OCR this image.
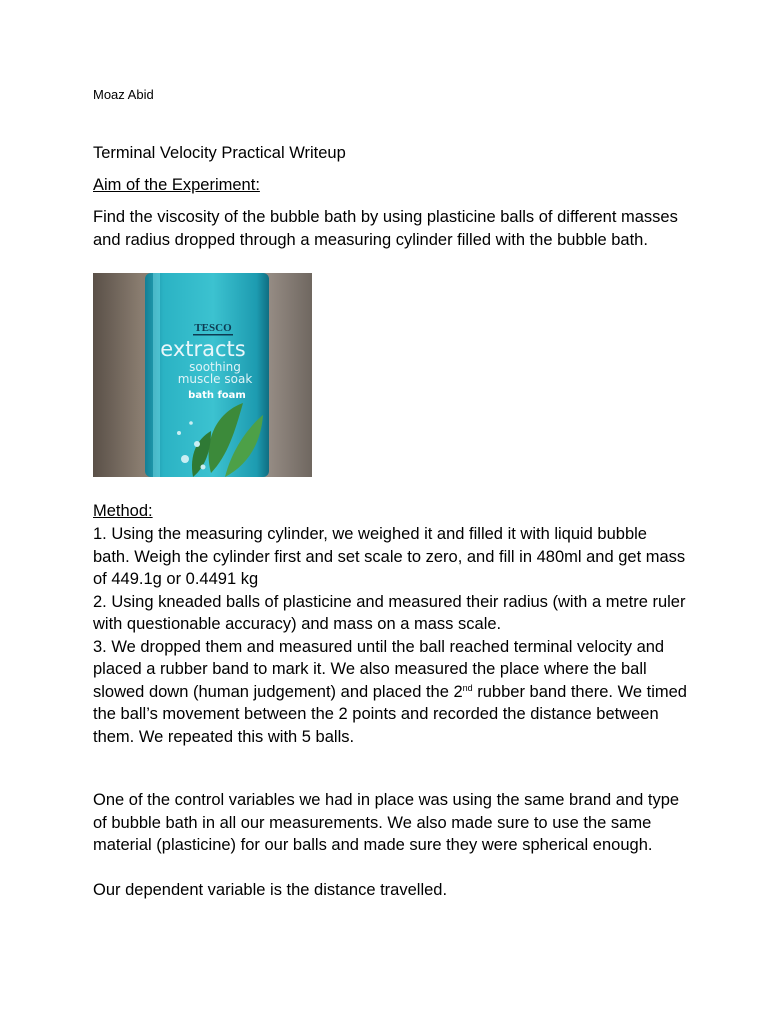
Moaz Abid
Terminal Velocity Practical Writeup
Aim of the Experiment:

Find the viscosity of the bubble bath by using plasticine balls of different masses and radius dropped through a measuring cylinder filled with the bubble bath.

TESCO
extracts
soothing
muscle soak
bath foam
Method:
1. Using the measuring cylinder, we weighed it and filled it with liquid bubble bath. Weigh the cylinder first and set scale to zero, and fill in 480ml and get mass of 449.1g or 0.4491 kg
2. Using kneaded balls of plasticine and measured their radius (with a metre ruler with questionable accuracy) and mass on a mass scale.
3. We dropped them and measured until the ball reached terminal velocity and placed a rubber band to mark it. We also measured the place where the ball slowed down (human judgement) and placed the 2nd rubber band there. We timed the ball’s movement between the 2 points and recorded the distance between them. We repeated this with 5 balls.

One of the control variables we had in place was using the same brand and type of bubble bath in all our measurements. We also made sure to use the same material (plasticine) for our balls and made sure they were spherical enough.

Our dependent variable is the distance travelled.
